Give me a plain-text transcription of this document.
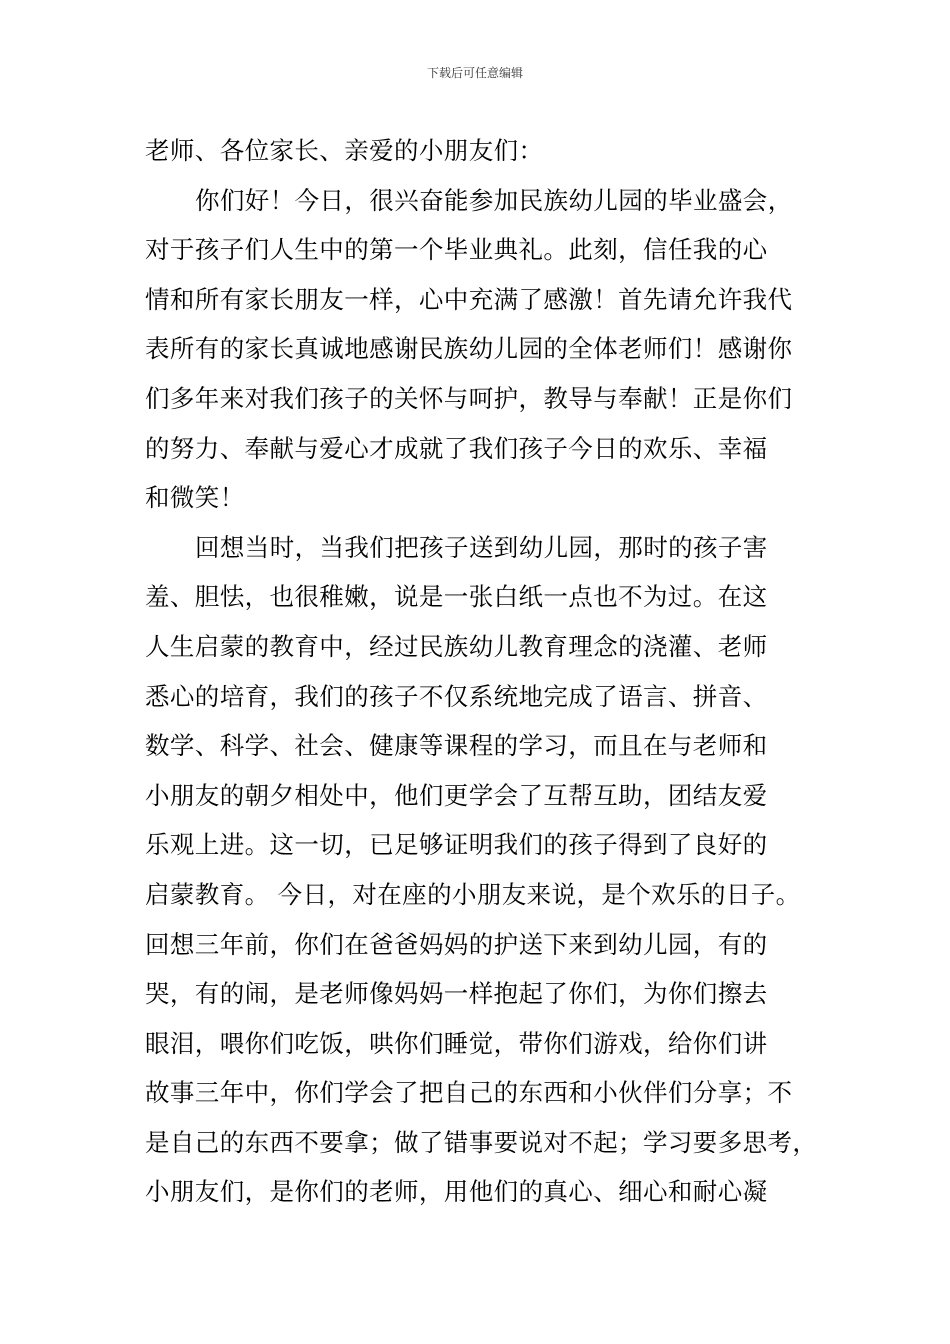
下载后可任意编辑
老师、各位家长、亲爱的小朋友们：
你们好！今日，很兴奋能参加民族幼儿园的毕业盛会，
对于孩子们人生中的第一个毕业典礼。此刻，信任我的心
情和所有家长朋友一样，心中充满了感激！首先请允许我代
表所有的家长真诚地感谢民族幼儿园的全体老师们！感谢你
们多年来对我们孩子的关怀与呵护，教导与奉献！正是你们
的努力、奉献与爱心才成就了我们孩子今日的欢乐、幸福
和微笑！
回想当时，当我们把孩子送到幼儿园，那时的孩子害
羞、胆怯，也很稚嫩，说是一张白纸一点也不为过。在这
人生启蒙的教育中，经过民族幼儿教育理念的浇灌、老师
悉心的培育，我们的孩子不仅系统地完成了语言、拼音、
数学、科学、社会、健康等课程的学习，而且在与老师和
小朋友的朝夕相处中，他们更学会了互帮互助，团结友爱
乐观上进。这一切，已足够证明我们的孩子得到了良好的
启蒙教育。 今日，对在座的小朋友来说，是个欢乐的日子。
回想三年前，你们在爸爸妈妈的护送下来到幼儿园，有的
哭，有的闹，是老师像妈妈一样抱起了你们，为你们擦去
眼泪，喂你们吃饭，哄你们睡觉，带你们游戏，给你们讲
故事三年中，你们学会了把自己的东西和小伙伴们分享；不
是自己的东西不要拿；做了错事要说对不起；学习要多思考，
小朋友们，是你们的老师，用他们的真心、细心和耐心凝
